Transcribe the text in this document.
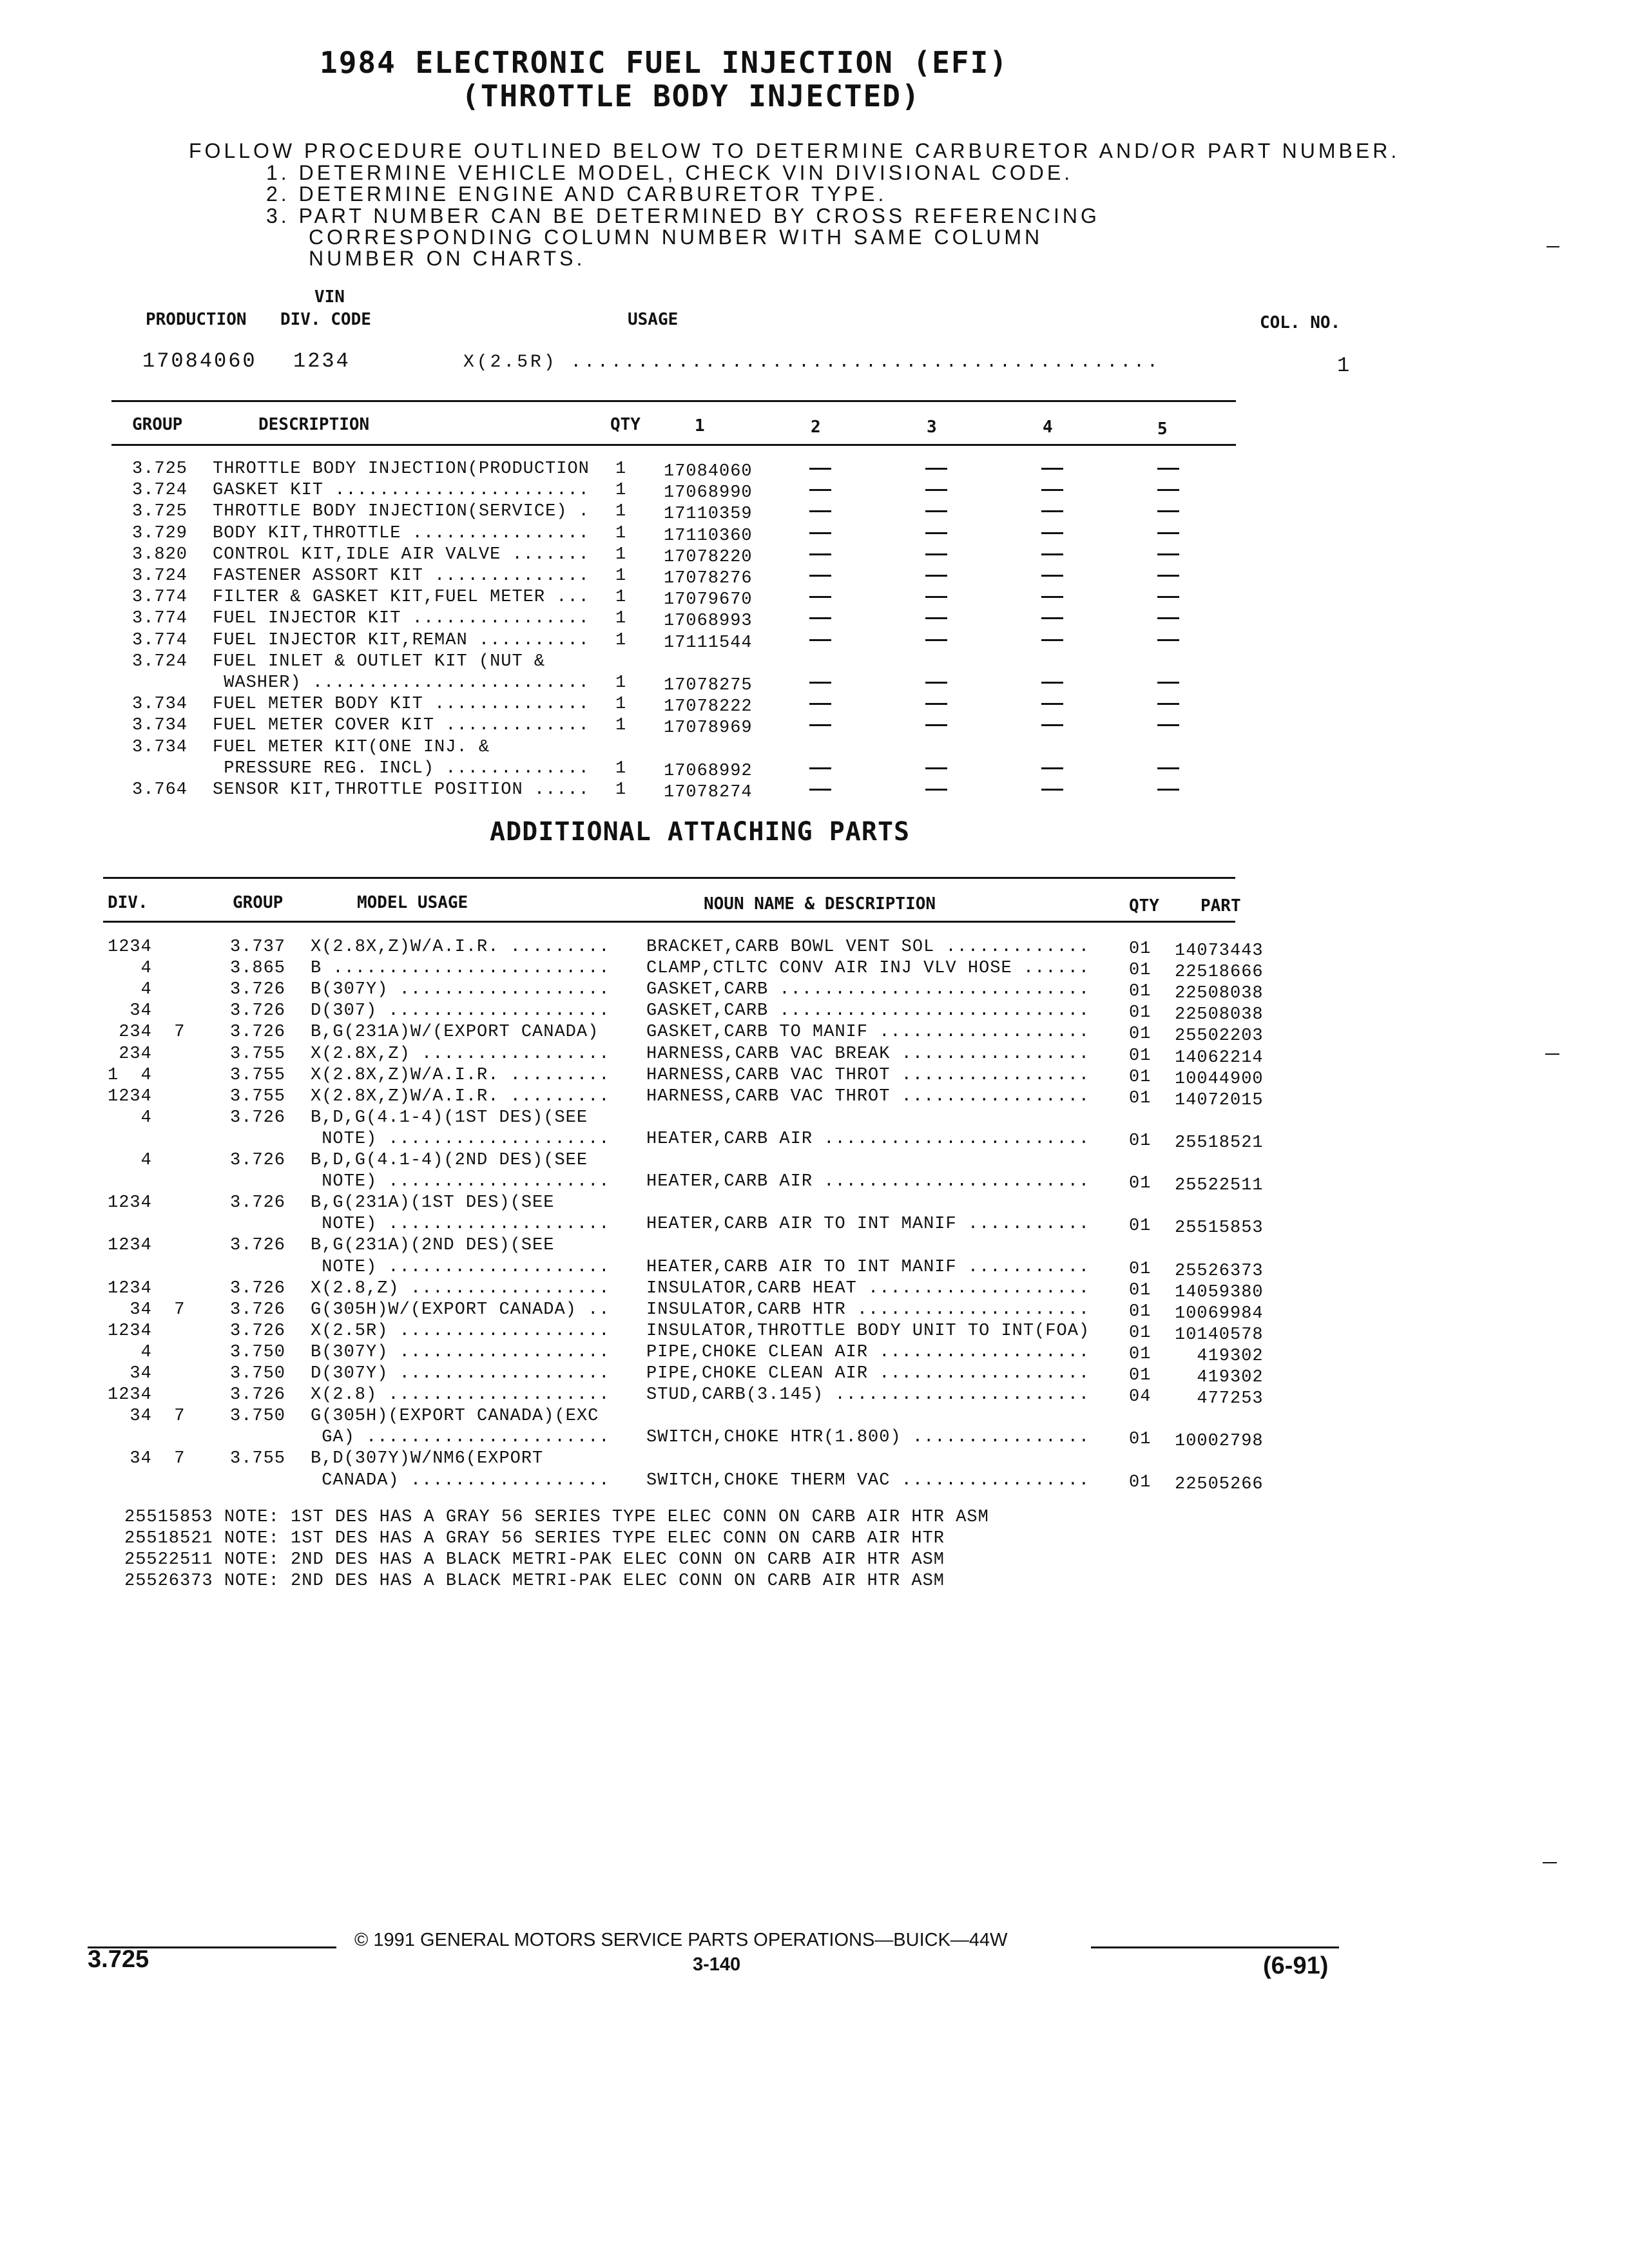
1984 ELECTRONIC FUEL INJECTION (EFI)
(THROTTLE BODY INJECTED)
FOLLOW PROCEDURE OUTLINED BELOW TO DETERMINE CARBURETOR AND/OR PART NUMBER.
1. DETERMINE VEHICLE MODEL, CHECK VIN DIVISIONAL CODE.
2. DETERMINE ENGINE AND CARBURETOR TYPE.
3. PART NUMBER CAN BE DETERMINED BY CROSS REFERENCING
CORRESPONDING COLUMN NUMBER WITH SAME COLUMN
NUMBER ON CHARTS.
VIN
PRODUCTION DIV. CODE	USAGE	COL. NO.
17084060 1234	X(2.5R) ............................................	1
GROUP	DESCRIPTION	QTY	1	2	3	4	5
3.725 THROTTLE BODY INJECTION(PRODUCTION 1 17084060
3.724 GASKET KIT ....................... 1 17068990
3.725 THROTTLE BODY INJECTION(SERVICE) . 1 17110359
3.729 BODY KIT,THROTTLE ................ 1 17110360
3.820 CONTROL KIT,IDLE AIR VALVE ....... 1 17078220
3.724 FASTENER ASSORT KIT .............. 1 17078276
3.774 FILTER & GASKET KIT,FUEL METER ... 1 17079670
3.774 FUEL INJECTOR KIT ................ 1 17068993
3.774 FUEL INJECTOR KIT,REMAN .......... 1 17111544
3.724 FUEL INLET & OUTLET KIT (NUT &
WASHER) ......................... 1 17078275
3.734 FUEL METER BODY KIT .............. 1 17078222
3.734 FUEL METER COVER KIT ............. 1 17078969
3.734 FUEL METER KIT(ONE INJ. &
PRESSURE REG. INCL) ............. 1 17068992
3.764 SENSOR KIT,THROTTLE POSITION ..... 1 17078274
ADDITIONAL ATTACHING PARTS
DIV.	GROUP	MODEL USAGE	NOUN NAME & DESCRIPTION	QTY PART
1234	3.737 X(2.8X,Z)W/A.I.R. ......... BRACKET,CARB BOWL VENT SOL ............. 01 14073443
4	3.865 B ......................... CLAMP,CTLTC CONV AIR INJ VLV HOSE ...... 01 22518666
4	3.726 B(307Y) ................... GASKET,CARB ............................ 01 22508038
34	3.726 D(307) .................... GASKET,CARB ............................ 01 22508038
234  7	3.726 B,G(231A)W/(EXPORT CANADA)	GASKET,CARB TO MANIF ................... 01 25502203
234	3.755 X(2.8X,Z) ................. HARNESS,CARB VAC BREAK ................. 01 14062214
1  4	3.755 X(2.8X,Z)W/A.I.R. ......... HARNESS,CARB VAC THROT ................. 01 10044900
1234	3.755 X(2.8X,Z)W/A.I.R. ......... HARNESS,CARB VAC THROT ................. 01 14072015
4	3.726 B,D,G(4.1-4)(1ST DES)(SEE
NOTE) .................... HEATER,CARB AIR ........................ 01 25518521
4	3.726 B,D,G(4.1-4)(2ND DES)(SEE
NOTE) .................... HEATER,CARB AIR ........................ 01 25522511
1234	3.726 B,G(231A)(1ST DES)(SEE
NOTE) .................... HEATER,CARB AIR TO INT MANIF ........... 01 25515853
1234	3.726 B,G(231A)(2ND DES)(SEE
NOTE) .................... HEATER,CARB AIR TO INT MANIF ........... 01 25526373
1234	3.726 X(2.8,Z) .................. INSULATOR,CARB HEAT .................... 01 14059380
34  7	3.726 G(305H)W/(EXPORT CANADA) .. INSULATOR,CARB HTR ..................... 01 10069984
1234	3.726 X(2.5R) ................... INSULATOR,THROTTLE BODY UNIT TO INT(FOA) 01 10140578
4	3.750 B(307Y) ................... PIPE,CHOKE CLEAN AIR ................... 01 419302
34	3.750 D(307Y) ................... PIPE,CHOKE CLEAN AIR ................... 01 419302
1234	3.726 X(2.8) .................... STUD,CARB(3.145) ....................... 04 477253
34  7	3.750 G(305H)(EXPORT CANADA)(EXC
GA) ...................... SWITCH,CHOKE HTR(1.800) ................ 01 10002798
34  7	3.755 B,D(307Y)W/NM6(EXPORT
CANADA) .................. SWITCH,CHOKE THERM VAC ................. 01 22505266
25515853 NOTE: 1ST DES HAS A GRAY 56 SERIES TYPE ELEC CONN ON CARB AIR HTR ASM
25518521 NOTE: 1ST DES HAS A GRAY 56 SERIES TYPE ELEC CONN ON CARB AIR HTR
25522511 NOTE: 2ND DES HAS A BLACK METRI-PAK ELEC CONN ON CARB AIR HTR ASM
25526373 NOTE: 2ND DES HAS A BLACK METRI-PAK ELEC CONN ON CARB AIR HTR ASM
© 1991 GENERAL MOTORS SERVICE PARTS OPERATIONS—BUICK—44W
3.725	3-140	(6-91)
